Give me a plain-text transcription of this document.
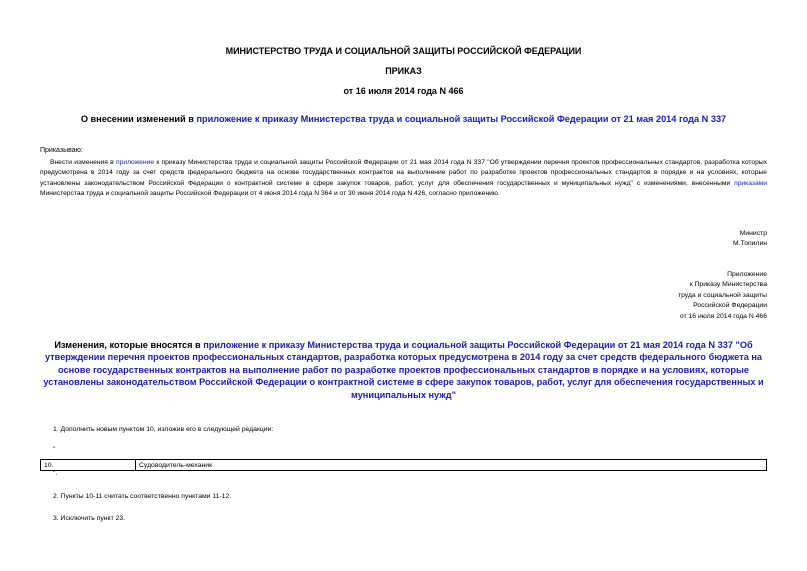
МИНИСТЕРСТВО ТРУДА И СОЦИАЛЬНОЙ ЗАЩИТЫ РОССИЙСКОЙ ФЕДЕРАЦИИ
ПРИКАЗ
от 16 июля 2014 года N 466
О внесении изменений в приложение к приказу Министерства труда и социальной защиты Российской Федерации от 21 мая 2014 года N 337
Приказываю:
Внести изменения в приложение к приказу Министерства труда и социальной защиты Российской Федерации от 21 мая 2014 года N 337 "Об утверждении перечня проектов профессиональных стандартов, разработка которых предусмотрена в 2014 году за счет средств федерального бюджета на основе государственных контрактов на выполнение работ по разработке проектов профессиональных стандартов в порядке и на условиях, которые установлены законодательством Российской Федерации о контрактной системе в сфере закупок товаров, работ, услуг для обеспечения государственных и муниципальных нужд" с изменениями, внесенными приказами Министерстаа труда и социальной защиты Российской Федерации от 4 июня 2014 года N 364 и от 30 июня 2014 года N 426, согласно приложению.
Министр
М.Топилин
Приложение
к Приказу Министерства
труда и социальной защиты
Российской Федерации
от 16 июля 2014 года N 466
Изменения, которые вносятся в приложение к приказу Министерства труда и социальной защиты Российской Федерации от 21 мая 2014 года N 337 "Об утверждении перечня проектов профессиональных стандартов, разработка которых предусмотрена в 2014 году за счет средств федерального бюджета на основе государственных контрактов на выполнение работ по разработке проектов профессиональных стандартов в порядке и на условиях, которые установлены законодательством Российской Федерации о контрактной системе в сфере закупок товаров, работ, услуг для обеспечения государственных и муниципальных нужд"
1. Дополнить новым пунктом 10, изложив его в следующей редакции:
"
10.	Судоводитель-механик
".
2. Пункты 10-11 считать соответственно пунктами 11-12.
3. Исключить пункт 23.
